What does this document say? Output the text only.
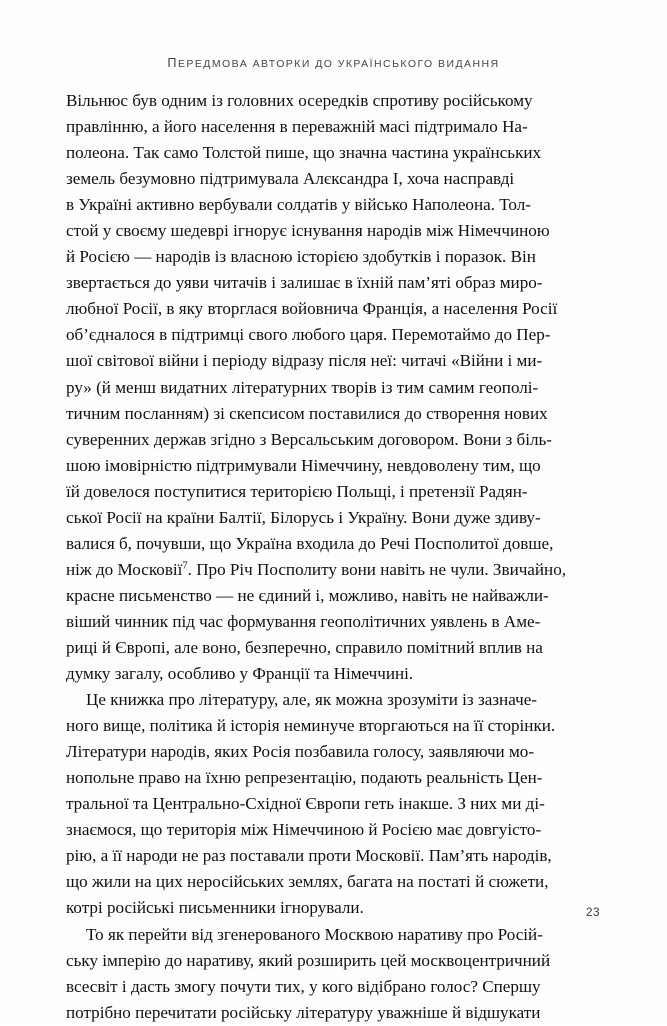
ПЕРЕДМОВА АВТОРКИ ДО УКРАЇНСЬКОГО ВИДАННЯ

Вільнюс був одним із головних осередків спротиву російському
правлінню, а його населення в переважній масі підтримало На-
полеона. Так само Толстой пише, що значна частина українських
земель безумовно підтримувала Алєксандра I, хоча насправді
в Україні активно вербували солдатів у військо Наполеона. Тол-
стой у своєму шедеврі ігнорує існування народів між Німеччиною
й Росією — народів із власною історією здобутків і поразок. Він
звертається до уяви читачів і залишає в їхній пам’яті образ миро-
любної Росії, в яку вторглася войовнича Франція, а населення Росії
об’єдналося в підтримці свого любого царя. Перемотаймо до Пер-
шої світової війни і періоду відразу після неї: читачі «Війни і ми-
ру» (й менш видатних літературних творів із тим самим геополі-
тичним посланням) зі скепсисом поставилися до створення нових
суверенних держав згідно з Версальським договором. Вони з біль-
шою імовірністю підтримували Німеччину, невдоволену тим, що
їй довелося поступитися територією Польщі, і претензії Радян-
ської Росії на країни Балтії, Білорусь і Україну. Вони дуже здиву-
валися б, почувши, що Україна входила до Речі Посполитої довше,
ніж до Московії$^7$. Про Річ Посполиту вони навіть не чули. Звичайно,
красне письменство — не єдиний і, можливо, навіть не найважли-
віший чинник під час формування геополітичних уявлень в Аме-
риці й Європі, але воно, безперечно, справило помітний вплив на
думку загалу, особливо у Франції та Німеччині.

Це книжка про літературу, але, як можна зрозуміти із зазначе-
ного вище, політика й історія неминуче вторгаються на її сторінки.
Літератури народів, яких Росія позбавила голосу, заявляючи мо-
нопольне право на їхню репрезентацію, подають реальність Цен-
тральної та Центрально-Східної Європи геть інакше. З них ми ді-
знаємося, що територія між Німеччиною й Росією має довгуісто-
рію, а її народи не раз поставали проти Московії. Пам’ять народів,
що жили на цих неросійських землях, багата на постаті й сюжети,
котрі російські письменники ігнорували.

То як перейти від згенерованого Москвою наративу про Росій-
ську імперію до наративу, який розширить цей москвоцентричний
всесвіт і дасть змогу почути тих, у кого відібрано голос? Спершу
потрібно перечитати російську літературу уважніше й відшукати

23
